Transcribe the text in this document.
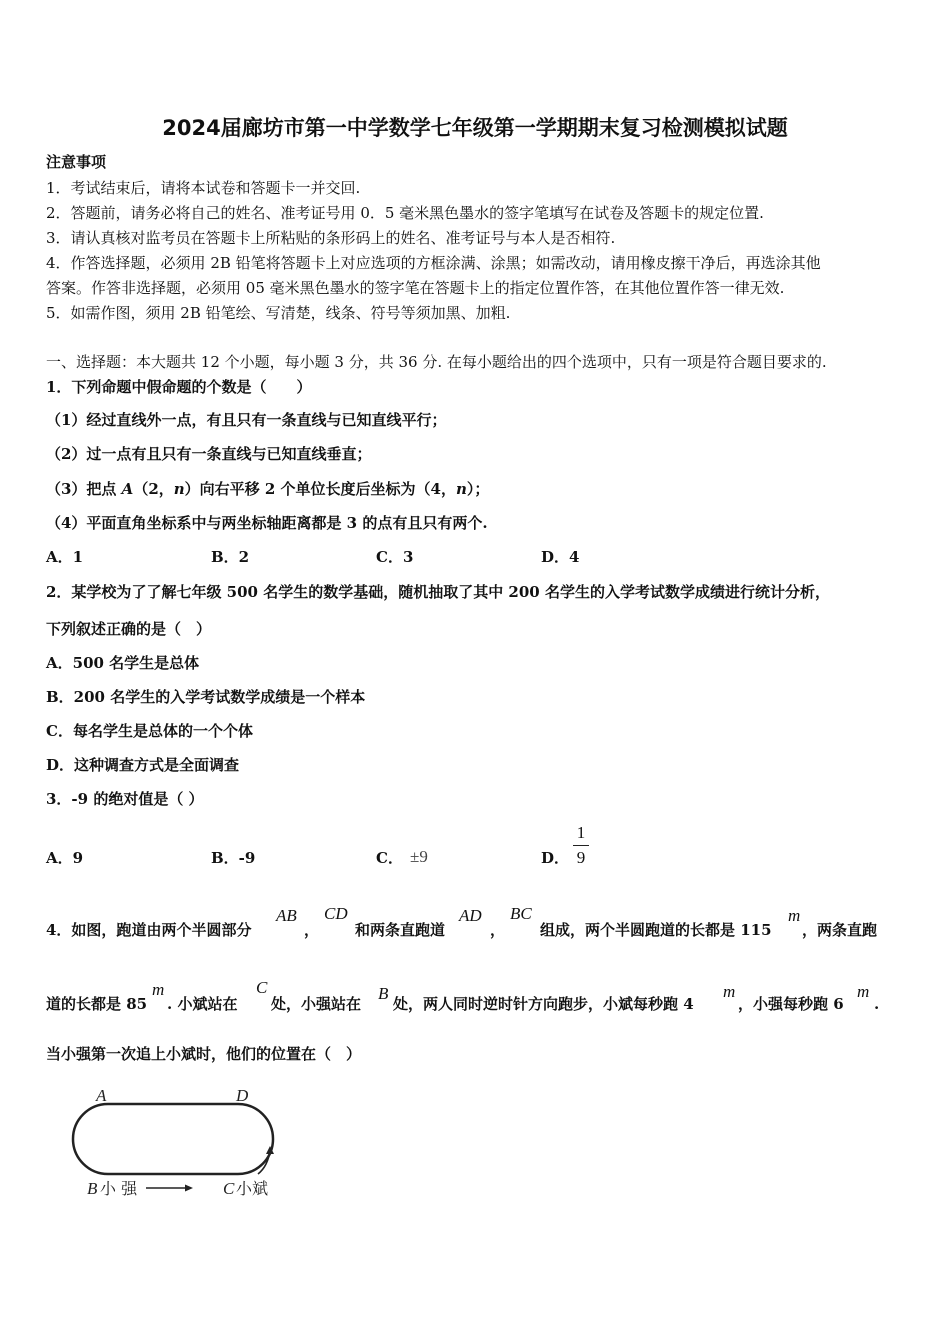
2024届廊坊市第一中学数学七年级第一学期期末复习检测模拟试题
注意事项
1．考试结束后，请将本试卷和答题卡一并交回.
2．答题前，请务必将自己的姓名、准考证号用 0．5 毫米黑色墨水的签字笔填写在试卷及答题卡的规定位置.
3．请认真核对监考员在答题卡上所粘贴的条形码上的姓名、准考证号与本人是否相符.
4．作答选择题，必须用 2B 铅笔将答题卡上对应选项的方框涂满、涂黑；如需改动，请用橡皮擦干净后，再选涂其他
答案。作答非选择题，必须用 05 毫米黑色墨水的签字笔在答题卡上的指定位置作答，在其他位置作答一律无效.
5．如需作图，须用 2B 铅笔绘、写清楚，线条、符号等须加黑、加粗.
一、选择题：本大题共 12 个小题，每小题 3 分，共 36 分. 在每小题给出的四个选项中，只有一项是符合题目要求的.
1．下列命题中假命题的个数是（　　）
（1）经过直线外一点，有且只有一条直线与已知直线平行；
（2）过一点有且只有一条直线与已知直线垂直；
（3）把点 A（2，n）向右平移 2 个单位长度后坐标为（4，n）；
（4）平面直角坐标系中与两坐标轴距离都是 3 的点有且只有两个.
A．1	B．2	C．3	D．4
2．某学校为了了解七年级 500 名学生的数学基础，随机抽取了其中 200 名学生的入学考试数学成绩进行统计分析，
下列叙述正确的是（　）
A．500 名学生是总体
B．200 名学生的入学考试数学成绩是一个样本
C．每名学生是总体的一个个体
D．这种调查方式是全面调查
3．-9 的绝对值是（ ）
A．9	B．-9	C． ±9	D．
1
9
4．如图，跑道由两个半圆部分
AB
，
CD
和两条直跑道
AD
，
BC
组成，两个半圆跑道的长都是 115
m
，两条直跑
道的长都是 85
m
. 小斌站在
C
处，小强站在
B
处，两人同时逆时针方向跑步，小斌每秒跑 4
m
，小强每秒跑 6
m
.
当小强第一次追上小斌时，他们的位置在（　）
A	D
B 小 强	C 小斌
